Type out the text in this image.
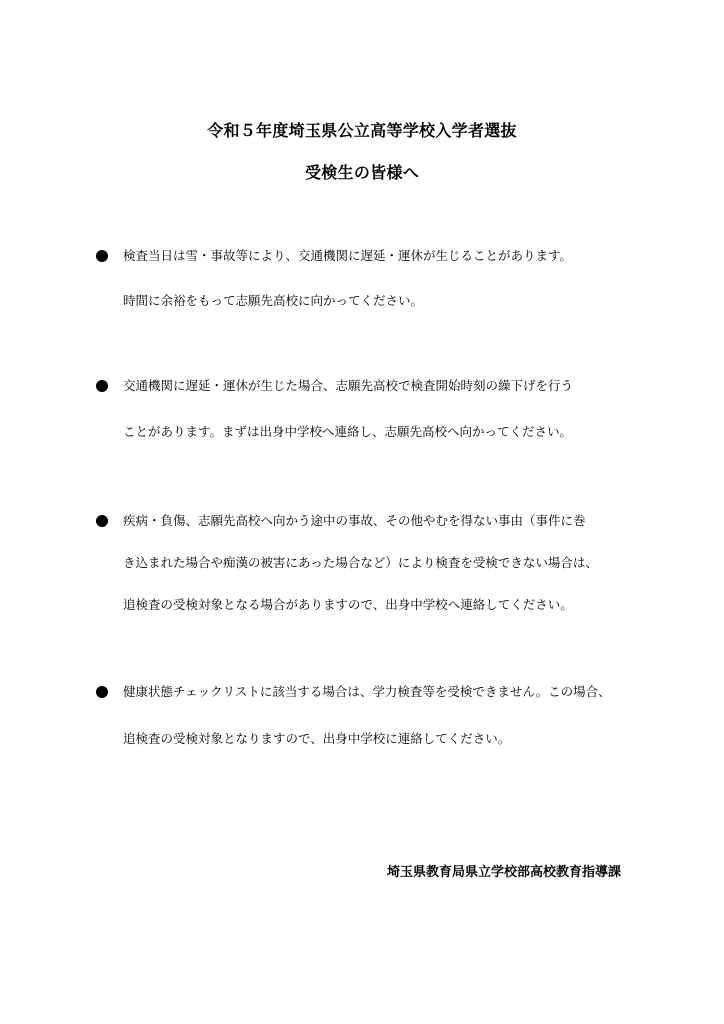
令和５年度埼玉県公立高等学校入学者選抜
受検生の皆様へ
検査当日は雪・事故等により、交通機関に遅延・運休が生じることがあります。
時間に余裕をもって志願先高校に向かってください。
交通機関に遅延・運休が生じた場合、志願先高校で検査開始時刻の繰下げを行う
ことがあります。まずは出身中学校へ連絡し、志願先高校へ向かってください。
疾病・負傷、志願先高校へ向かう途中の事故、その他やむを得ない事由（事件に巻
き込まれた場合や痴漢の被害にあった場合など）により検査を受検できない場合は、
追検査の受検対象となる場合がありますので、出身中学校へ連絡してください。
健康状態チェックリストに該当する場合は、学力検査等を受検できません。この場合、
追検査の受検対象となりますので、出身中学校に連絡してください。
埼玉県教育局県立学校部高校教育指導課
